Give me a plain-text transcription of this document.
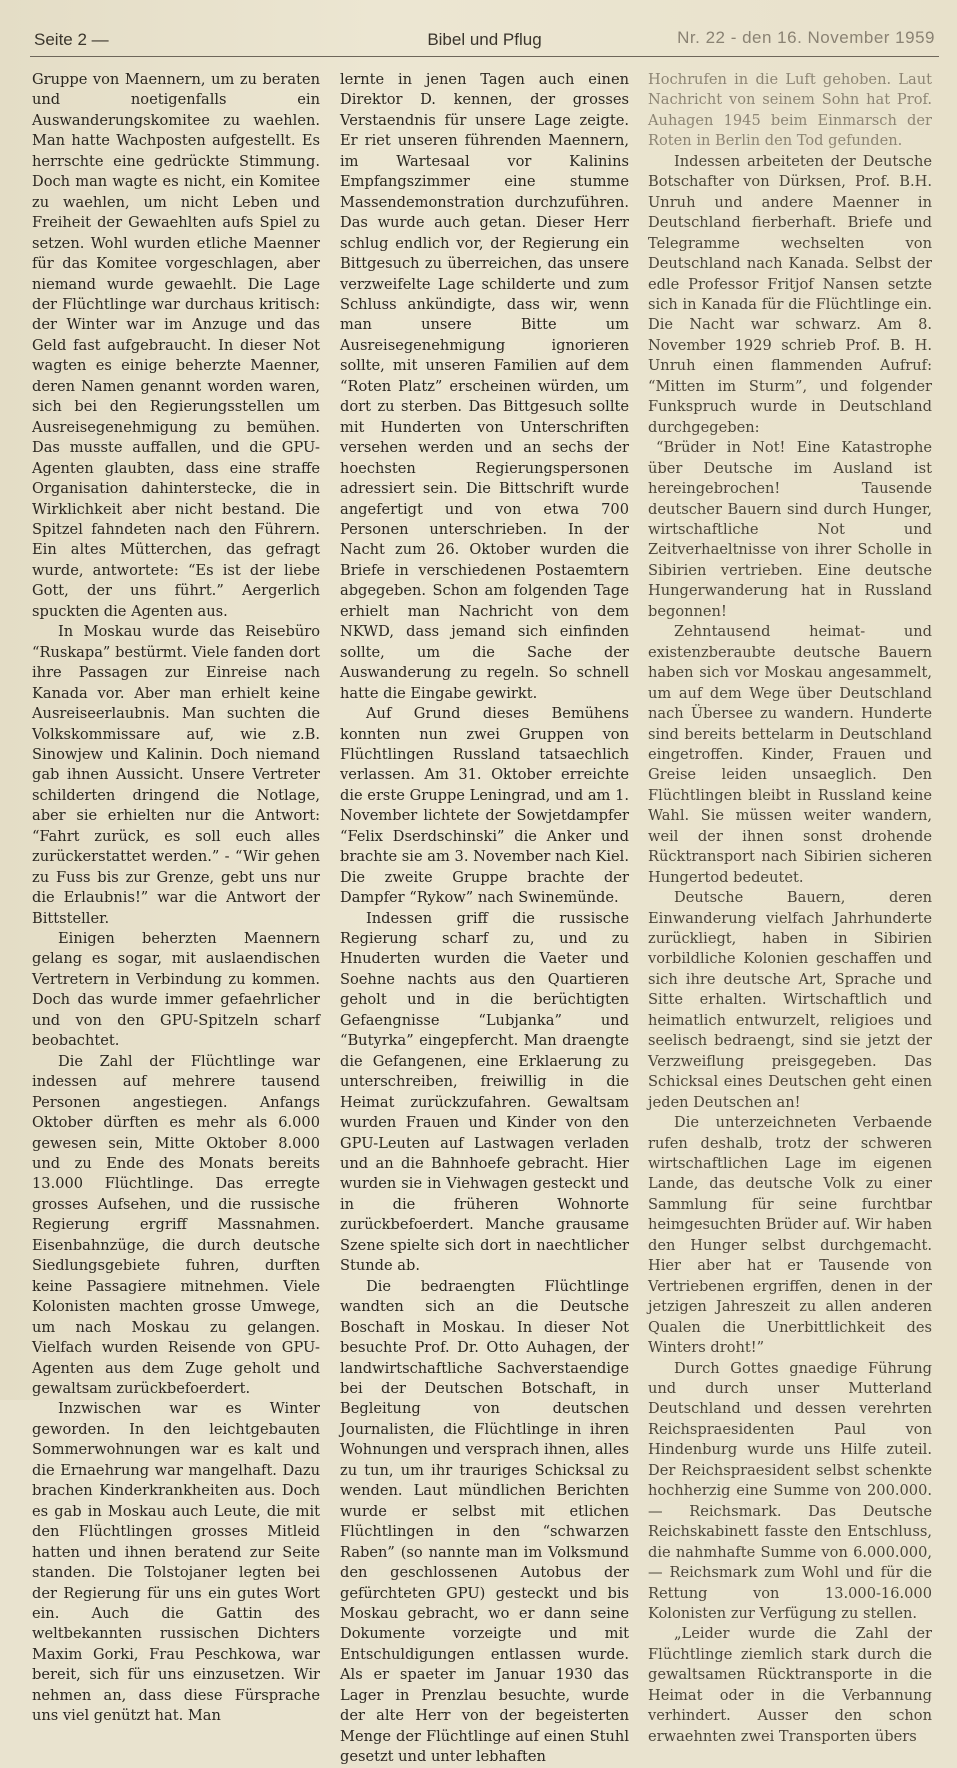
Seite 2 —	Bibel und Pflug	Nr. 22 - den 16. November 1959

Gruppe von Maennern, um zu beraten und noetigenfalls ein Auswanderungskomitee zu waehlen. Man hatte Wachposten aufgestellt. Es herrschte eine gedrückte Stimmung. Doch man wagte es nicht, ein Komitee zu waehlen, um nicht Leben und Freiheit der Gewaehlten aufs Spiel zu setzen. Wohl wurden etliche Maenner für das Komitee vorgeschlagen, aber niemand wurde gewaehlt. Die Lage der Flüchtlinge war durchaus kritisch: der Winter war im Anzuge und das Geld fast aufgebraucht. In dieser Not wagten es einige beherzte Maenner, deren Namen genannt worden waren, sich bei den Regierungsstellen um Ausreisegenehmigung zu bemühen. Das musste auffallen, und die GPU-Agenten glaubten, dass eine straffe Organisation dahinterstecke, die in Wirklichkeit aber nicht bestand. Die Spitzel fahndeten nach den Führern. Ein altes Mütterchen, das gefragt wurde, antwortete: “Es ist der liebe Gott, der uns führt.” Aergerlich spuckten die Agenten aus.

In Moskau wurde das Reisebüro “Ruskapa” bestürmt. Viele fanden dort ihre Passagen zur Einreise nach Kanada vor. Aber man erhielt keine Ausreiseerlaubnis. Man suchten die Volkskommissare auf, wie z.B. Sinowjew und Kalinin. Doch niemand gab ihnen Aussicht. Unsere Vertreter schilderten dringend die Notlage, aber sie erhielten nur die Antwort: “Fahrt zurück, es soll euch alles zurückerstattet werden.” - “Wir gehen zu Fuss bis zur Grenze, gebt uns nur die Erlaubnis!” war die Antwort der Bittsteller.

Einigen beherzten Maennern gelang es sogar, mit auslaendischen Vertretern in Verbindung zu kommen. Doch das wurde immer gefaehrlicher und von den GPU-Spitzeln scharf beobachtet.

Die Zahl der Flüchtlinge war indessen auf mehrere tausend Personen angestiegen. Anfangs Oktober dürften es mehr als 6.000 gewesen sein, Mitte Oktober 8.000 und zu Ende des Monats bereits 13.000 Flüchtlinge. Das erregte grosses Aufsehen, und die russische Regierung ergriff Massnahmen. Eisenbahnzüge, die durch deutsche Siedlungsgebiete fuhren, durften keine Passagiere mitnehmen. Viele Kolonisten machten grosse Umwege, um nach Moskau zu gelangen. Vielfach wurden Reisende von GPU-Agenten aus dem Zuge geholt und gewaltsam zurückbefoerdert.

Inzwischen war es Winter geworden. In den leichtgebauten Sommerwohnungen war es kalt und die Ernaehrung war mangelhaft. Dazu brachen Kinderkrankheiten aus. Doch es gab in Moskau auch Leute, die mit den Flüchtlingen grosses Mitleid hatten und ihnen beratend zur Seite standen. Die Tolstojaner legten bei der Regierung für uns ein gutes Wort ein. Auch die Gattin des weltbekannten russischen Dichters Maxim Gorki, Frau Peschkowa, war bereit, sich für uns einzusetzen. Wir nehmen an, dass diese Fürsprache uns viel genützt hat. Man

lernte in jenen Tagen auch einen Direktor D. kennen, der grosses Verstaendnis für unsere Lage zeigte. Er riet unseren führenden Maennern, im Wartesaal vor Kalinins Empfangszimmer eine stumme Massendemonstration durchzuführen. Das wurde auch getan. Dieser Herr schlug endlich vor, der Regierung ein Bittgesuch zu überreichen, das unsere verzweifelte Lage schilderte und zum Schluss ankündigte, dass wir, wenn man unsere Bitte um Ausreisegenehmigung ignorieren sollte, mit unseren Familien auf dem “Roten Platz” erscheinen würden, um dort zu sterben. Das Bittgesuch sollte mit Hunderten von Unterschriften versehen werden und an sechs der hoechsten Regierungspersonen adressiert sein. Die Bittschrift wurde angefertigt und von etwa 700 Personen unterschrieben. In der Nacht zum 26. Oktober wurden die Briefe in verschiedenen Postaemtern abgegeben. Schon am folgenden Tage erhielt man Nachricht von dem NKWD, dass jemand sich einfinden sollte, um die Sache der Auswanderung zu regeln. So schnell hatte die Eingabe gewirkt.

Auf Grund dieses Bemühens konnten nun zwei Gruppen von Flüchtlingen Russland tatsaechlich verlassen. Am 31. Oktober erreichte die erste Gruppe Leningrad, und am 1. November lichtete der Sowjetdampfer “Felix Dserdschinski” die Anker und brachte sie am 3. November nach Kiel. Die zweite Gruppe brachte der Dampfer “Rykow” nach Swinemünde.

Indessen griff die russische Regierung scharf zu, und zu Hnuderten wurden die Vaeter und Soehne nachts aus den Quartieren geholt und in die berüchtigten Gefaengnisse “Lubjanka” und “Butyrka” eingepfercht. Man draengte die Gefangenen, eine Erklaerung zu unterschreiben, freiwillig in die Heimat zurückzufahren. Gewaltsam wurden Frauen und Kinder von den GPU-Leuten auf Lastwagen verladen und an die Bahnhoefe gebracht. Hier wurden sie in Viehwagen gesteckt und in die früheren Wohnorte zurückbefoerdert. Manche grausame Szene spielte sich dort in naechtlicher Stunde ab.

Die bedraengten Flüchtlinge wandten sich an die Deutsche Boschaft in Moskau. In dieser Not besuchte Prof. Dr. Otto Auhagen, der landwirtschaftliche Sachverstaendige bei der Deutschen Botschaft, in Begleitung von deutschen Journalisten, die Flüchtlinge in ihren Wohnungen und versprach ihnen, alles zu tun, um ihr trauriges Schicksal zu wenden. Laut mündlichen Berichten wurde er selbst mit etlichen Flüchtlingen in den “schwarzen Raben” (so nannte man im Volksmund den geschlossenen Autobus der gefürchteten GPU) gesteckt und bis Moskau gebracht, wo er dann seine Dokumente vorzeigte und mit Entschuldigungen entlassen wurde. Als er spaeter im Januar 1930 das Lager in Prenzlau besuchte, wurde der alte Herr von der begeisterten Menge der Flüchtlinge auf einen Stuhl gesetzt und unter lebhaften

Hochrufen in die Luft gehoben. Laut Nachricht von seinem Sohn hat Prof. Auhagen 1945 beim Einmarsch der Roten in Berlin den Tod gefunden.

Indessen arbeiteten der Deutsche Botschafter von Dürksen, Prof. B.H. Unruh und andere Maenner in Deutschland fierberhaft. Briefe und Telegramme wechselten von Deutschland nach Kanada. Selbst der edle Professor Fritjof Nansen setzte sich in Kanada für die Flüchtlinge ein. Die Nacht war schwarz. Am 8. November 1929 schrieb Prof. B. H. Unruh einen flammenden Aufruf: “Mitten im Sturm”, und folgender Funkspruch wurde in Deutschland durchgegeben:

“Brüder in Not! Eine Katastrophe über Deutsche im Ausland ist hereingebrochen! Tausende deutscher Bauern sind durch Hunger, wirtschaftliche Not und Zeitverhaeltnisse von ihrer Scholle in Sibirien vertrieben. Eine deutsche Hungerwanderung hat in Russland begonnen!

Zehntausend heimat- und existenzberaubte deutsche Bauern haben sich vor Moskau angesammelt, um auf dem Wege über Deutschland nach Übersee zu wandern. Hunderte sind bereits bettelarm in Deutschland eingetroffen. Kinder, Frauen und Greise leiden unsaeglich. Den Flüchtlingen bleibt in Russland keine Wahl. Sie müssen weiter wandern, weil der ihnen sonst drohende Rücktransport nach Sibirien sicheren Hungertod bedeutet.

Deutsche Bauern, deren Einwanderung vielfach Jahrhunderte zurückliegt, haben in Sibirien vorbildliche Kolonien geschaffen und sich ihre deutsche Art, Sprache und Sitte erhalten. Wirtschaftlich und heimatlich entwurzelt, religioes und seelisch bedraengt, sind sie jetzt der Verzweiflung preisgegeben. Das Schicksal eines Deutschen geht einen jeden Deutschen an!

Die unterzeichneten Verbaende rufen deshalb, trotz der schweren wirtschaftlichen Lage im eigenen Lande, das deutsche Volk zu einer Sammlung für seine furchtbar heimgesuchten Brüder auf. Wir haben den Hunger selbst durchgemacht. Hier aber hat er Tausende von Vertriebenen ergriffen, denen in der jetzigen Jahreszeit zu allen anderen Qualen die Unerbittlichkeit des Winters droht!”

Durch Gottes gnaedige Führung und durch unser Mutterland Deutschland und dessen verehrten Reichspraesidenten Paul von Hindenburg wurde uns Hilfe zuteil. Der Reichspraesident selbst schenkte hochherzig eine Summe von 200.000.— Reichsmark. Das Deutsche Reichskabinett fasste den Entschluss, die nahmhafte Summe von 6.000.000,— Reichsmark zum Wohl und für die Rettung von 13.000-16.000 Kolonisten zur Verfügung zu stellen.

„Leider wurde die Zahl der Flüchtlinge ziemlich stark durch die gewaltsamen Rücktransporte in die Heimat oder in die Verbannung verhindert. Ausser den schon erwaehnten zwei Transporten übers
